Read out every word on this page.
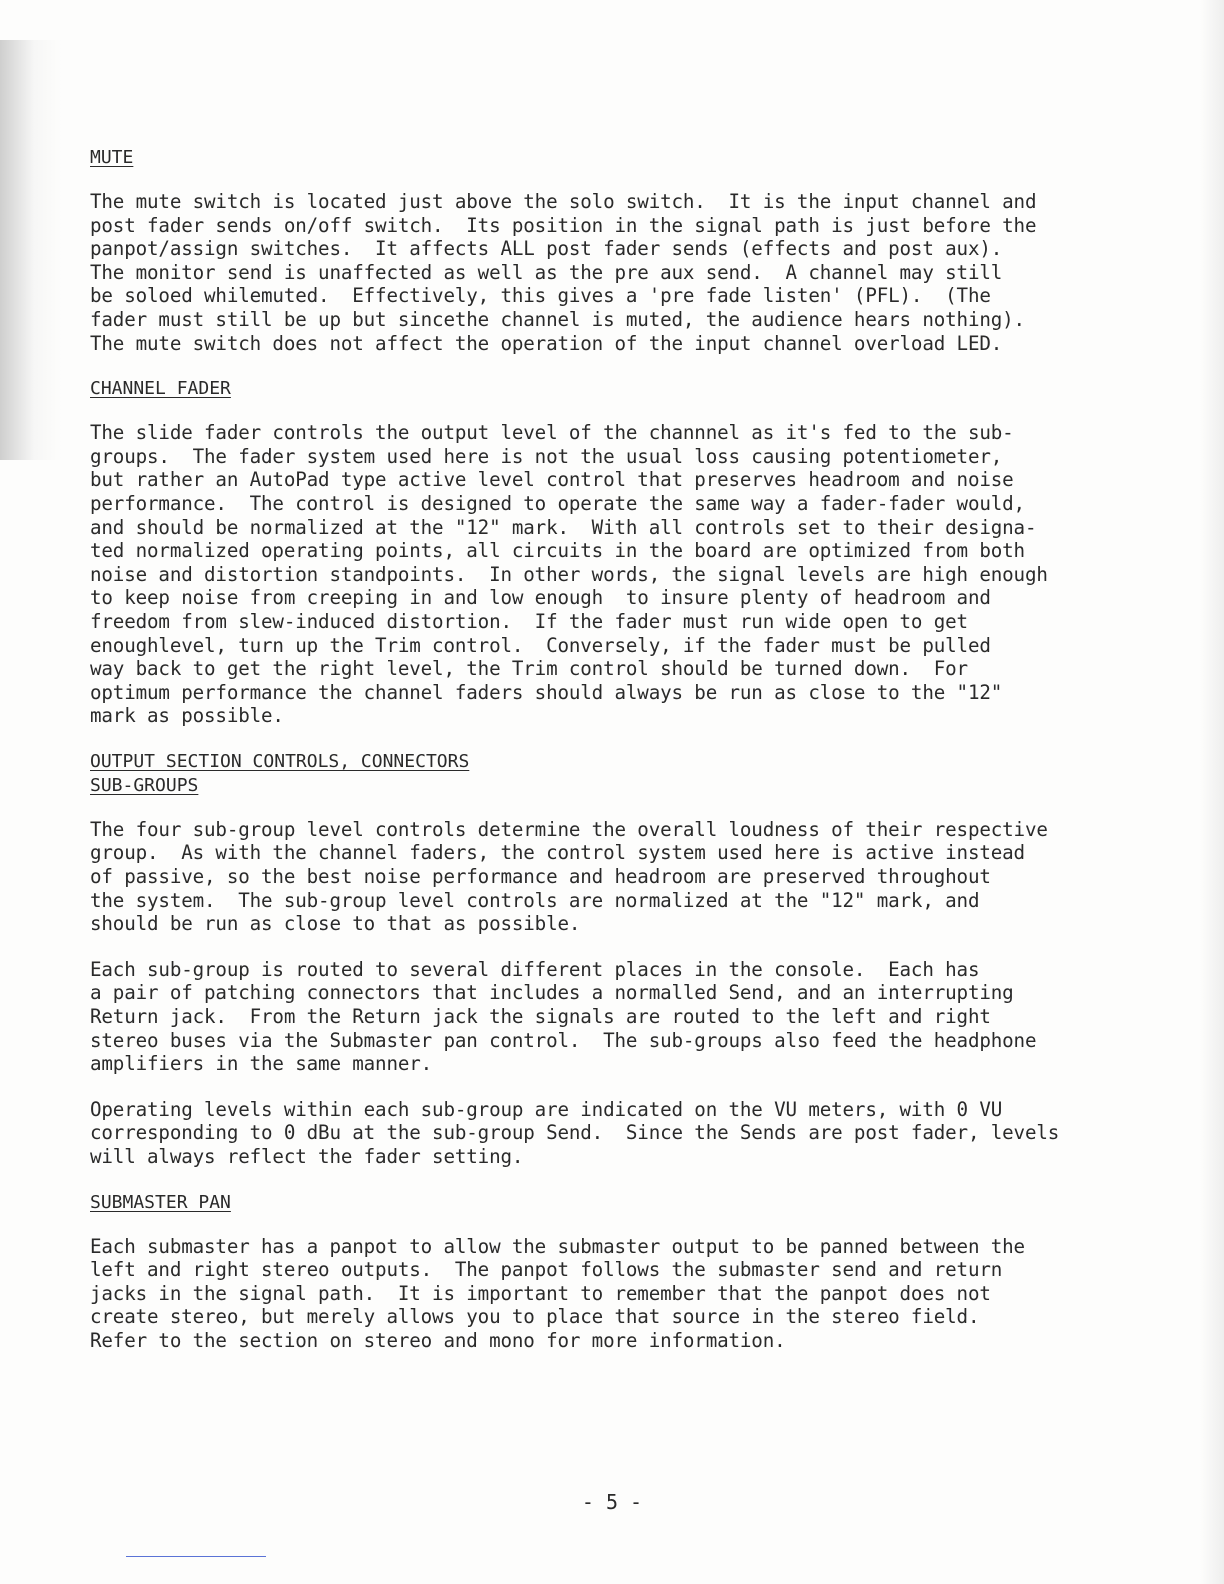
MUTE

The mute switch is located just above the solo switch.  It is the input channel and
post fader sends on/off switch.  Its position in the signal path is just before the
panpot/assign switches.  It affects ALL post fader sends (effects and post aux).
The monitor send is unaffected as well as the pre aux send.  A channel may still
be soloed whilemuted.  Effectively, this gives a 'pre fade listen' (PFL).  (The
fader must still be up but sincethe channel is muted, the audience hears nothing).
The mute switch does not affect the operation of the input channel overload LED.

CHANNEL FADER

The slide fader controls the output level of the channnel as it's fed to the sub-
groups.  The fader system used here is not the usual loss causing potentiometer,
but rather an AutoPad type active level control that preserves headroom and noise
performance.  The control is designed to operate the same way a fader-fader would,
and should be normalized at the "12" mark.  With all controls set to their designa-
ted normalized operating points, all circuits in the board are optimized from both
noise and distortion standpoints.  In other words, the signal levels are high enough
to keep noise from creeping in and low enough  to insure plenty of headroom and
freedom from slew-induced distortion.  If the fader must run wide open to get
enoughlevel, turn up the Trim control.  Conversely, if the fader must be pulled
way back to get the right level, the Trim control should be turned down.  For
optimum performance the channel faders should always be run as close to the "12"
mark as possible.

OUTPUT SECTION CONTROLS, CONNECTORS
SUB-GROUPS

The four sub-group level controls determine the overall loudness of their respective
group.  As with the channel faders, the control system used here is active instead
of passive, so the best noise performance and headroom are preserved throughout
the system.  The sub-group level controls are normalized at the "12" mark, and
should be run as close to that as possible.

Each sub-group is routed to several different places in the console.  Each has
a pair of patching connectors that includes a normalled Send, and an interrupting
Return jack.  From the Return jack the signals are routed to the left and right
stereo buses via the Submaster pan control.  The sub-groups also feed the headphone
amplifiers in the same manner.

Operating levels within each sub-group are indicated on the VU meters, with 0 VU
corresponding to 0 dBu at the sub-group Send.  Since the Sends are post fader, levels
will always reflect the fader setting.

SUBMASTER PAN

Each submaster has a panpot to allow the submaster output to be panned between the
left and right stereo outputs.  The panpot follows the submaster send and return
jacks in the signal path.  It is important to remember that the panpot does not
create stereo, but merely allows you to place that source in the stereo field.
Refer to the section on stereo and mono for more information.

- 5 -
